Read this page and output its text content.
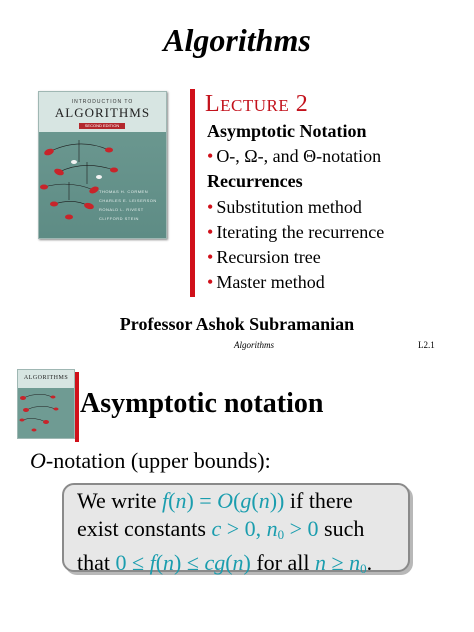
Algorithms
INTRODUCTION TO
ALGORITHMS
SECOND EDITION
THOMAS H. CORMEN
CHARLES E. LEISERSON
RONALD L. RIVEST
CLIFFORD STEIN
Lecture 2
Asymptotic Notation
• O-, Ω-, and Θ-notation
Recurrences
• Substitution method
• Iterating the recurrence
• Recursion tree
• Master method
Professor Ashok Subramanian
Algorithms	L2.1
ALGORITHMS
Asymptotic notation
O-notation (upper bounds):
We write f(n) = O(g(n)) if there
exist constants c > 0, $n_0 > 0$ such
that 0 ≤ f(n) ≤ cg(n) for all $n \ge n_0$.
